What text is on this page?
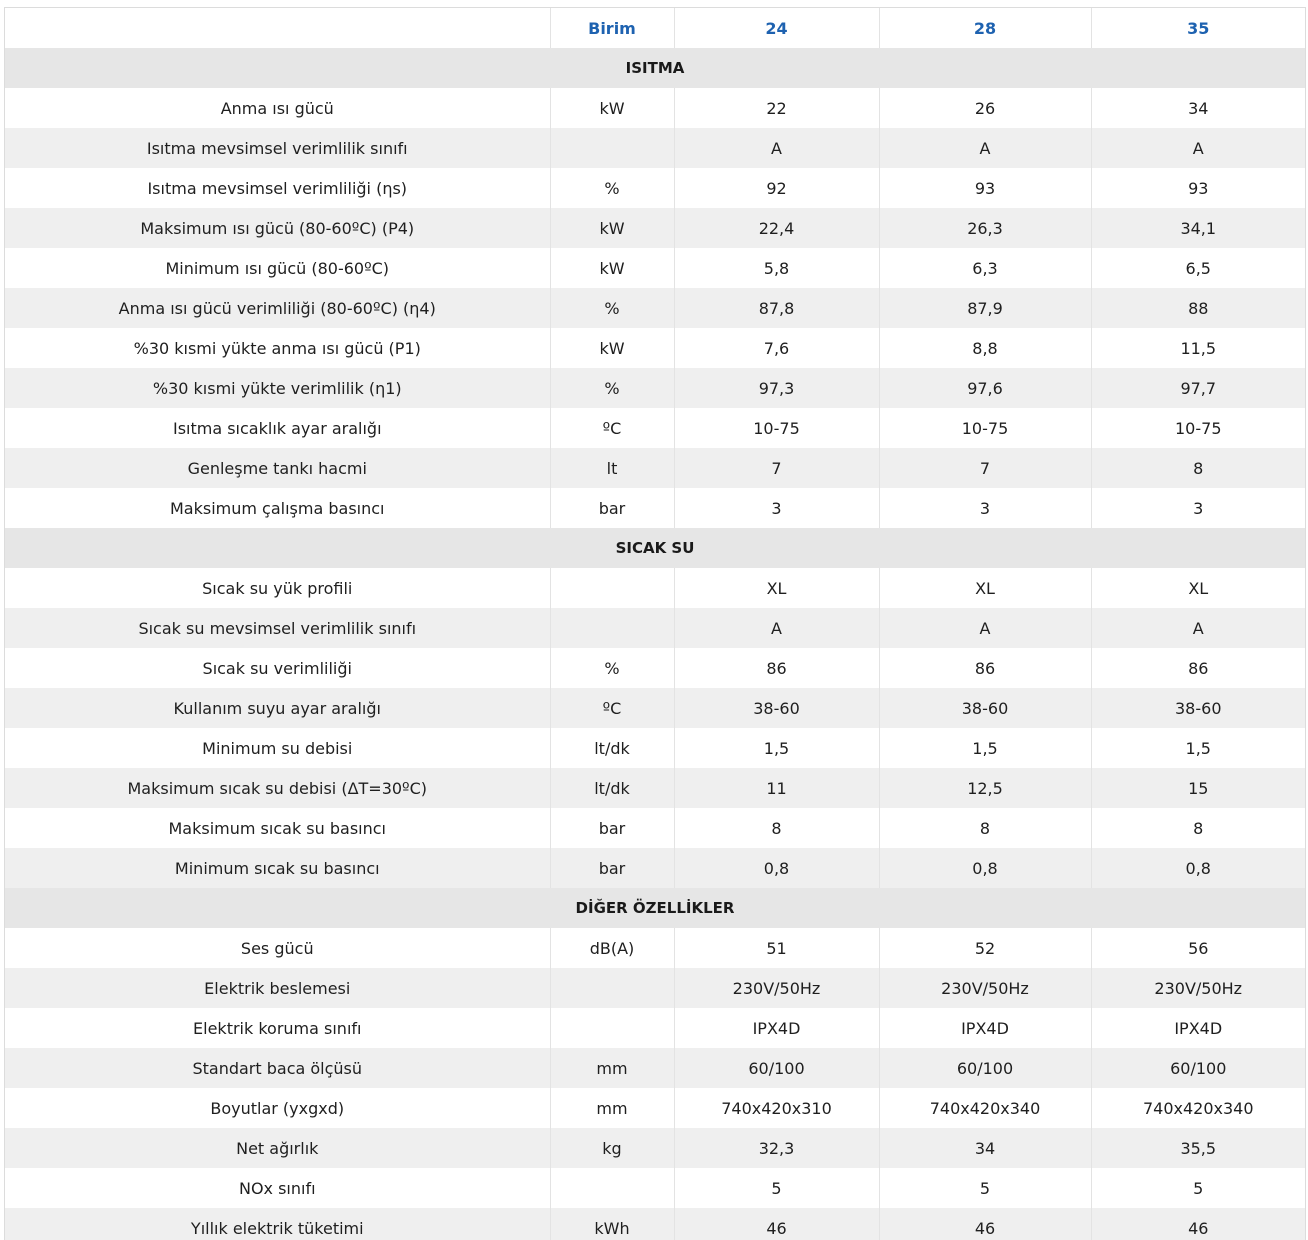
	Birim	24	28	35
ISITMA				
Anma ısı gücü	kW	22	26	34
Isıtma mevsimsel verimlilik sınıfı		A	A	A
Isıtma mevsimsel verimliliği (ηs)	%	92	93	93
Maksimum ısı gücü (80-60ºC) (P4)	kW	22,4	26,3	34,1
Minimum ısı gücü (80-60ºC)	kW	5,8	6,3	6,5
Anma ısı gücü verimliliği (80-60ºC) (η4)	%	87,8	87,9	88
%30 kısmi yükte anma ısı gücü (P1)	kW	7,6	8,8	11,5
%30 kısmi yükte verimlilik (η1)	%	97,3	97,6	97,7
Isıtma sıcaklık ayar aralığı	ºC	10-75	10-75	10-75
Genleşme tankı hacmi	lt	7	7	8
Maksimum çalışma basıncı	bar	3	3	3
SICAK SU				
Sıcak su yük profili		XL	XL	XL
Sıcak su mevsimsel verimlilik sınıfı		A	A	A
Sıcak su verimliliği	%	86	86	86
Kullanım suyu ayar aralığı	ºC	38-60	38-60	38-60
Minimum su debisi	lt/dk	1,5	1,5	1,5
Maksimum sıcak su debisi (ΔT=30ºC)	lt/dk	11	12,5	15
Maksimum sıcak su basıncı	bar	8	8	8
Minimum sıcak su basıncı	bar	0,8	0,8	0,8
DİĞER ÖZELLİKLER				
Ses gücü	dB(A)	51	52	56
Elektrik beslemesi		230V/50Hz	230V/50Hz	230V/50Hz
Elektrik koruma sınıfı		IPX4D	IPX4D	IPX4D
Standart baca ölçüsü	mm	60/100	60/100	60/100
Boyutlar (yxgxd)	mm	740x420x310	740x420x340	740x420x340
Net ağırlık	kg	32,3	34	35,5
NOx sınıfı		5	5	5
Yıllık elektrik tüketimi	kWh	46	46	46
